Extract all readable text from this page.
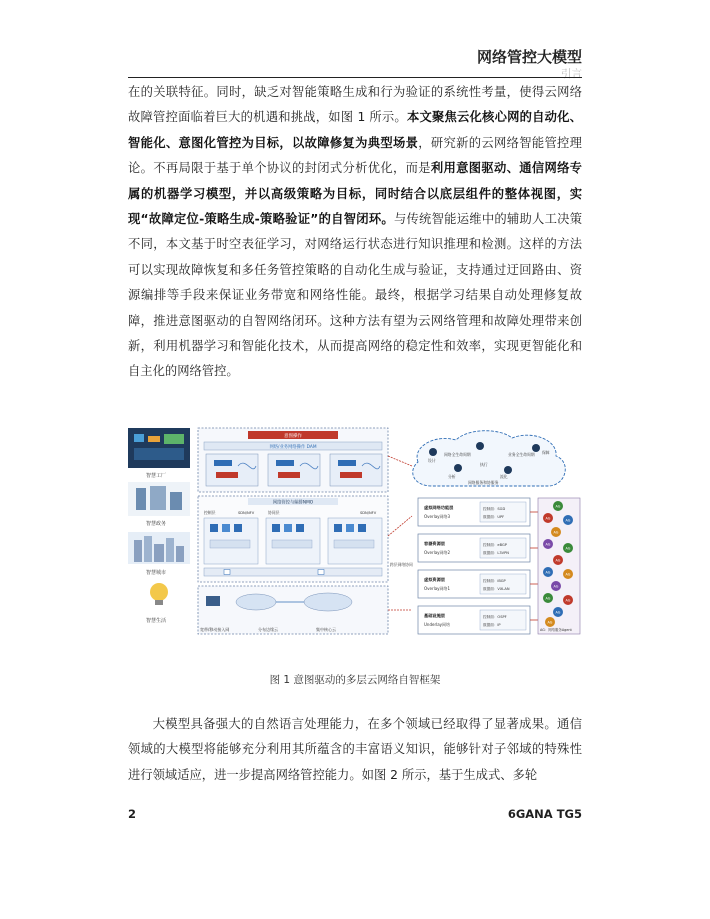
网络管控大模型
引言

在的关联特征。同时，缺乏对智能策略生成和行为验证的系统性考量，使得云网络故障管控面临着巨大的机遇和挑战，如图 1 所示。本文聚焦云化核心网的自动化、智能化、意图化管控为目标，以故障修复为典型场景，研究新的云网络智能管控理论。不再局限于基于单个协议的封闭式分析优化，而是利用意图驱动、通信网络专属的机器学习模型，并以高级策略为目标，同时结合以底层组件的整体视图，实现“故障定位-策略生成-策略验证”的自智闭环。与传统智能运维中的辅助人工决策不同，本文基于时空表征学习，对网络运行状态进行知识推理和检测。这样的方法可以实现故障恢复和多任务管控策略的自动化生成与验证，支持通过迂回路由、资源编排等手段来保证业务带宽和网络性能。最终，根据学习结果自动处理修复故障，推进意图驱动的自智网络闭环。这种方法有望为云网络管理和故障处理带来创新，利用机器学习和智能化技术，从而提高网络的稳定性和效率，实现更智能化和自主化的网络管控。

智慧工厂
智慧政务
智慧城市
智慧生活
意图操作
网络/业务网络操作 DAM
网络管控与编排NMO
控制层	协同层
SDN/NFV	SDN/NFV
宽带/移动接入网	分布边缘云	集中核心云
跨层网络协同
设计
网络全生命周期	业务全生命周期 保障
分析
执行
流化
网络服务和协服务
虚拟网络功能层
Overlay网络3
控制面：SGD
数据面：UPF
容器资源层
Overlay网络2
控制面：eBGP
数据面：L3VPN
虚拟资源层
Overlay网络1
控制面：iBGP
数据面：VXLAN
基础设施层
Underlay网络
控制面：OSPF
数据面：IP
AG：网络服务Agent
AG
AG	AG
AG
AG
AG
AG
AG	AG
AG
AG	AG
AG
AG
图 1 意图驱动的多层云网络自智框架

大模型具备强大的自然语言处理能力，在多个领域已经取得了显著成果。通信领域的大模型将能够充分利用其所蕴含的丰富语义知识，能够针对子邻域的特殊性进行领域适应，进一步提高网络管控能力。如图 2 所示，基于生成式、多轮

2	6GANA TG5
